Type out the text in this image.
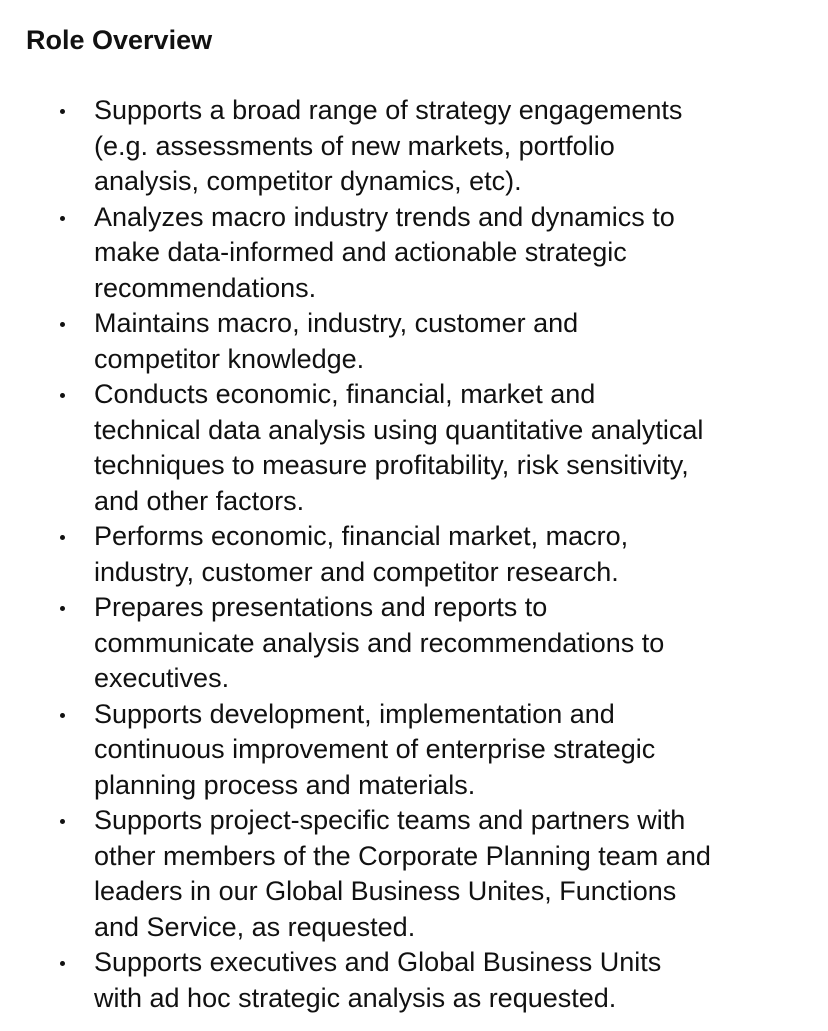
Role Overview
Supports a broad range of strategy engagements
(e.g. assessments of new markets, portfolio
analysis, competitor dynamics, etc).
Analyzes macro industry trends and dynamics to
make data-informed and actionable strategic
recommendations.
Maintains macro, industry, customer and
competitor knowledge.
Conducts economic, financial, market and
technical data analysis using quantitative analytical
techniques to measure profitability, risk sensitivity,
and other factors.
Performs economic, financial market, macro,
industry, customer and competitor research.
Prepares presentations and reports to
communicate analysis and recommendations to
executives.
Supports development, implementation and
continuous improvement of enterprise strategic
planning process and materials.
Supports project-specific teams and partners with
other members of the Corporate Planning team and
leaders in our Global Business Unites, Functions
and Service, as requested.
Supports executives and Global Business Units
with ad hoc strategic analysis as requested.
